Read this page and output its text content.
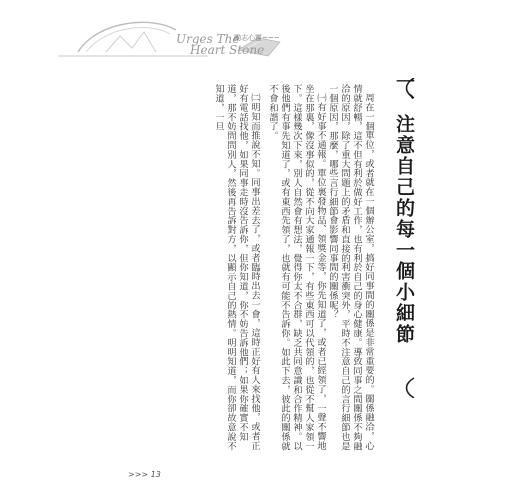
Urges The
Heart Stone
勵志心靈~~~

周在一個單位，或者就在一個辦公室，搞好同事間的關係是非常重要的。關係融洽，心情就舒暢，這不但有利於做好工作，也有利於自己的身心健康。導致同事之間關係不夠融洽的原因，除了重大問題上的矛盾和直接的利害衝突外，平時不注意自己的言行細節也是一個原因，那麼，哪些言行細節會影響同事間的關係呢？

㈠有好事不通報。單位裏發物品、領獎金等，你先知道了，或者已經領了，一聲不響地坐在那裏，像沒事似的，從不向大家通報一下，有些東西可以代領的，也從不幫人家領一下。這樣幾次下來，別人自然會有想法，覺得你太不合群，缺乏共同意識和合作精神。以後他們有事先知道了，或有東西先領了，也就有可能不告訴你。如此下去，彼此的關係就不會和諧了。

㈡明知而推說不知。同事出差去了，或者臨時出去一會，這時正好有人來找他，或者正好有電話找他，如果同事走時沒告訴你，但你知道，你不妨告訴他們；如果你確實不知道，那不妨問問別人，然後再告訴對方，以顯示自己的熱情。明明知道，而你卻故意說不知道，一旦	一、注意自己的每一個小細節
>>> 13
